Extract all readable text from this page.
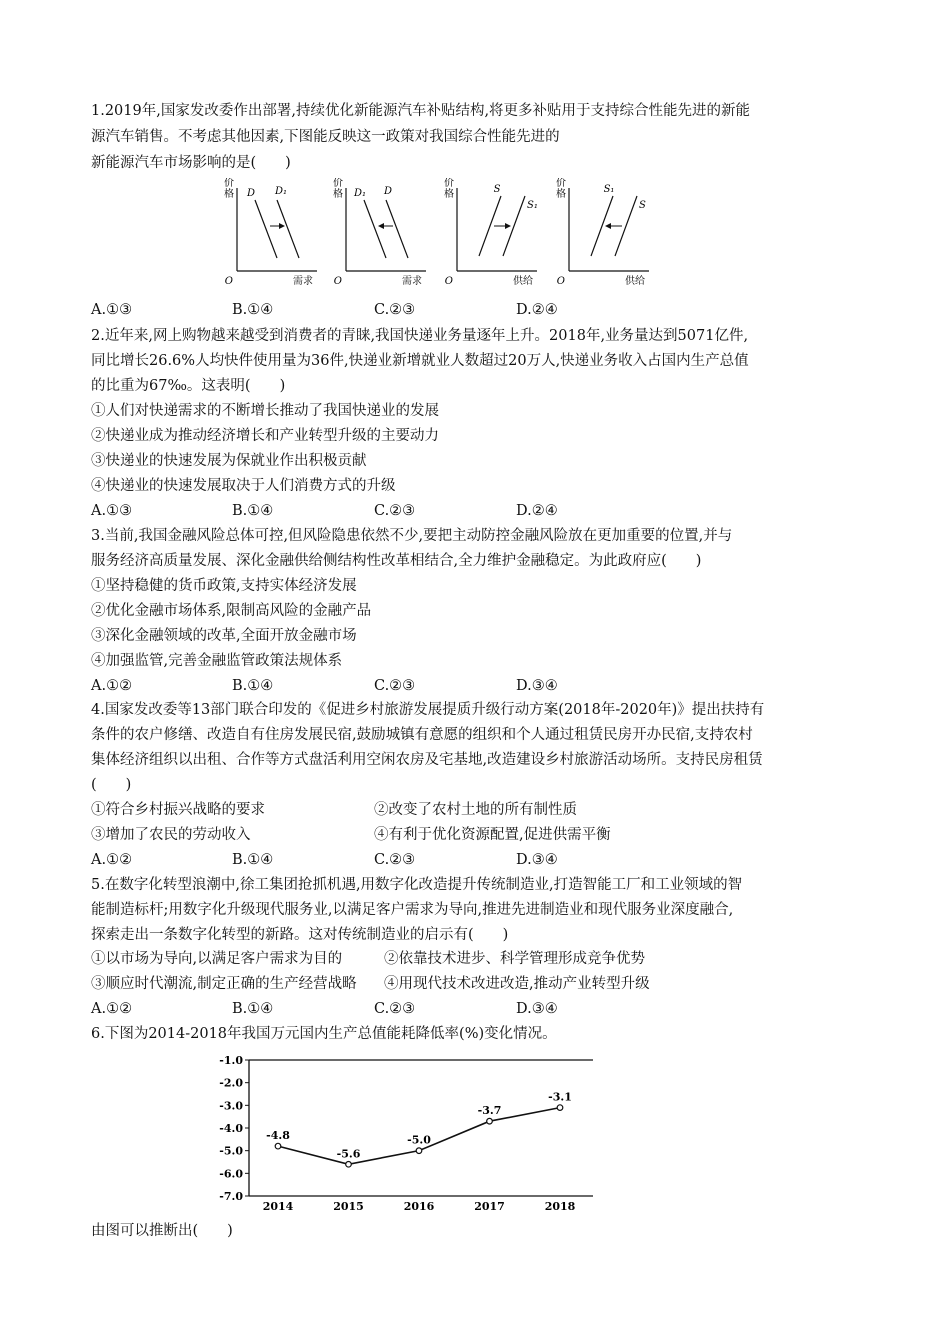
1.2019年,国家发改委作出部署,持续优化新能源汽车补贴结构,将更多补贴用于支持综合性能先进的新能
源汽车销售。不考虑其他因素,下图能反映这一政策对我国综合性能先进的
新能源汽车市场影响的是(　　)
价格
需求
O
D D₁
价格
需求
O
D₁ D
价格
供给
O
S
S₁
价格
供给
O
S₁
S
A.①③	B.①④	C.②③	D.②④
2.近年来,网上购物越来越受到消费者的青睐,我国快递业务量逐年上升。2018年,业务量达到5071亿件,
同比增长26.6%人均快件使用量为36件,快递业新增就业人数超过20万人,快递业务收入占国内生产总值
的比重为67‰。这表明(　　)
①人们对快递需求的不断增长推动了我国快递业的发展
②快递业成为推动经济增长和产业转型升级的主要动力
③快递业的快速发展为保就业作出积极贡献
④快递业的快速发展取决于人们消费方式的升级
A.①③	B.①④	C.②③	D.②④
3.当前,我国金融风险总体可控,但风险隐患依然不少,要把主动防控金融风险放在更加重要的位置,并与
服务经济高质量发展、深化金融供给侧结构性改革相结合,全力维护金融稳定。为此政府应(　　)
①坚持稳健的货币政策,支持实体经济发展
②优化金融市场体系,限制高风险的金融产品
③深化金融领域的改革,全面开放金融市场
④加强监管,完善金融监管政策法规体系
A.①②	B.①④	C.②③	D.③④
4.国家发改委等13部门联合印发的《促进乡村旅游发展提质升级行动方案(2018年-2020年)》提出扶持有
条件的农户修缮、改造自有住房发展民宿,鼓励城镇有意愿的组织和个人通过租赁民房开办民宿,支持农村
集体经济组织以出租、合作等方式盘活利用空闲农房及宅基地,改造建设乡村旅游活动场所。支持民房租赁
(　　)
①符合乡村振兴战略的要求	②改变了农村土地的所有制性质
③增加了农民的劳动收入	④有利于优化资源配置,促进供需平衡
A.①②	B.①④	C.②③	D.③④
5.在数字化转型浪潮中,徐工集团抢抓机遇,用数字化改造提升传统制造业,打造智能工厂和工业领域的智
能制造标杆;用数字化升级现代服务业,以满足客户需求为导向,推进先进制造业和现代服务业深度融合,
探索走出一条数字化转型的新路。这对传统制造业的启示有(　　)
①以市场为导向,以满足客户需求为目的	②依靠技术进步、科学管理形成竞争优势
③顺应时代潮流,制定正确的生产经营战略 ④用现代技术改进改造,推动产业转型升级
A.①②	B.①④	C.②③	D.③④
6.下图为2014-2018年我国万元国内生产总值能耗降低率(%)变化情况。
-1.0
-2.0
-3.0
-4.0
-5.0
-6.0
-7.0
2014	2015	2016	2017	2018
-4.8
-5.6
-5.0
-3.7
-3.1
由图可以推断出(　　)
